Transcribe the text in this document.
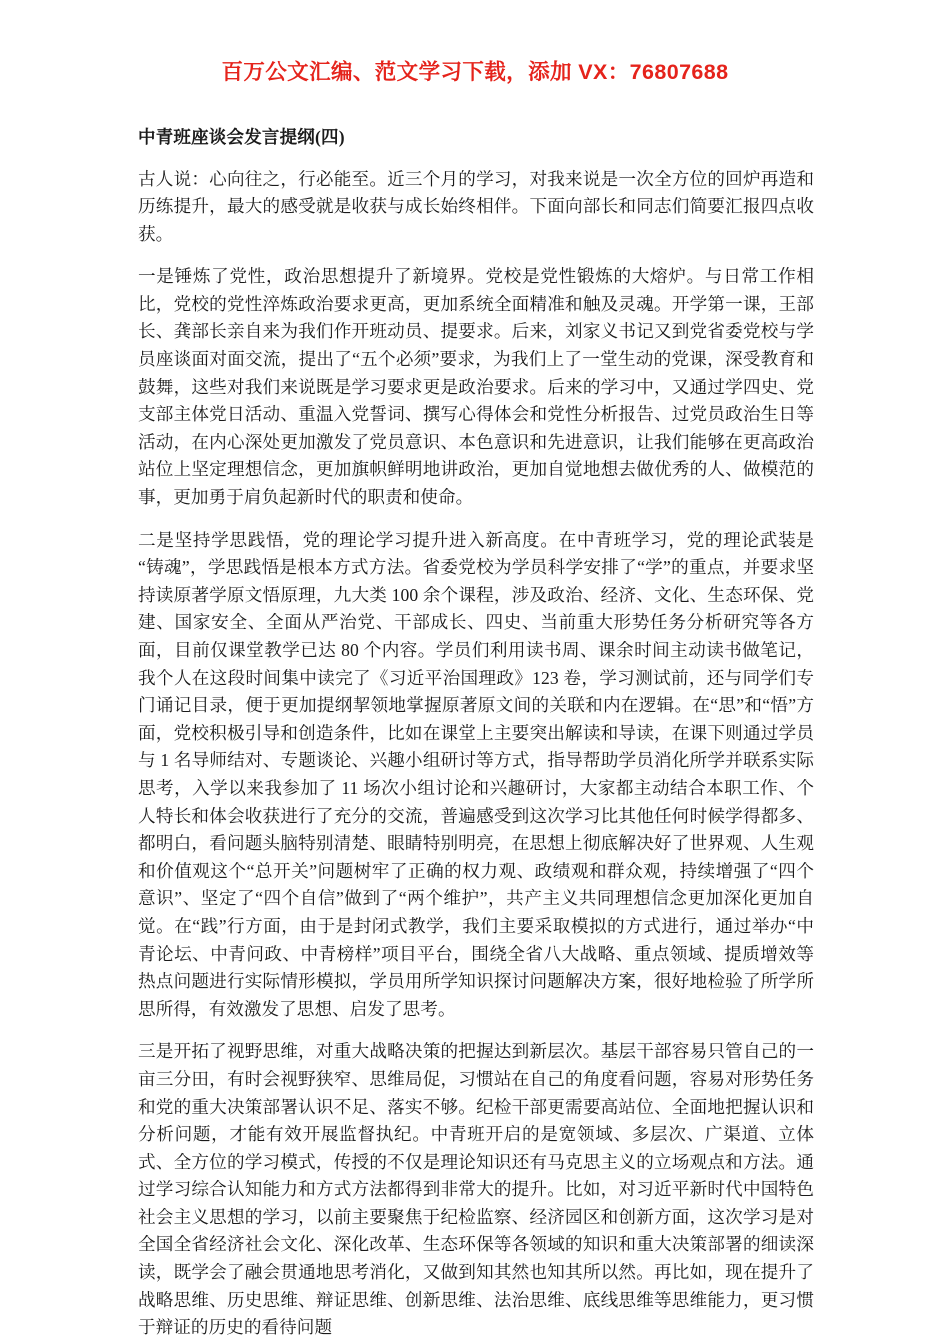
百万公文汇编、范文学习下载，添加 VX：76807688
中青班座谈会发言提纲(四)

古人说：心向往之，行必能至。近三个月的学习，对我来说是一次全方位的回炉再造和历练提升，最大的感受就是收获与成长始终相伴。下面向部长和同志们简要汇报四点收获。

一是锤炼了党性，政治思想提升了新境界。党校是党性锻炼的大熔炉。与日常工作相比，党校的党性淬炼政治要求更高，更加系统全面精准和触及灵魂。开学第一课，王部长、龚部长亲自来为我们作开班动员、提要求。后来，刘家义书记又到党省委党校与学员座谈面对面交流，提出了“五个必须”要求，为我们上了一堂生动的党课，深受教育和鼓舞，这些对我们来说既是学习要求更是政治要求。后来的学习中，又通过学四史、党支部主体党日活动、重温入党誓词、撰写心得体会和党性分析报告、过党员政治生日等活动，在内心深处更加激发了党员意识、本色意识和先进意识，让我们能够在更高政治站位上坚定理想信念，更加旗帜鲜明地讲政治，更加自觉地想去做优秀的人、做模范的事，更加勇于肩负起新时代的职责和使命。

二是坚持学思践悟，党的理论学习提升进入新高度。在中青班学习，党的理论武装是“铸魂”，学思践悟是根本方式方法。省委党校为学员科学安排了“学”的重点，并要求坚持读原著学原文悟原理，九大类 100 余个课程，涉及政治、经济、文化、生态环保、党建、国家安全、全面从严治党、干部成长、四史、当前重大形势任务分析研究等各方面，目前仅课堂教学已达 80 个内容。学员们利用读书周、课余时间主动读书做笔记，我个人在这段时间集中读完了《习近平治国理政》123 卷，学习测试前，还与同学们专门诵记目录，便于更加提纲挈领地掌握原著原文间的关联和内在逻辑。在“思”和“悟”方面，党校积极引导和创造条件，比如在课堂上主要突出解读和导读，在课下则通过学员与 1 名导师结对、专题谈论、兴趣小组研讨等方式，指导帮助学员消化所学并联系实际思考，入学以来我参加了 11 场次小组讨论和兴趣研讨，大家都主动结合本职工作、个人特长和体会收获进行了充分的交流，普遍感受到这次学习比其他任何时候学得都多、都明白，看问题头脑特别清楚、眼睛特别明亮，在思想上彻底解决好了世界观、人生观和价值观这个“总开关”问题树牢了正确的权力观、政绩观和群众观，持续增强了“四个意识”、坚定了“四个自信”做到了“两个维护”，共产主义共同理想信念更加深化更加自觉。在“践”行方面，由于是封闭式教学，我们主要采取模拟的方式进行，通过举办“中青论坛、中青问政、中青榜样”项目平台，围绕全省八大战略、重点领域、提质增效等热点问题进行实际情形模拟，学员用所学知识探讨问题解决方案，很好地检验了所学所思所得，有效激发了思想、启发了思考。

三是开拓了视野思维，对重大战略决策的把握达到新层次。基层干部容易只管自己的一亩三分田，有时会视野狭窄、思维局促，习惯站在自己的角度看问题，容易对形势任务和党的重大决策部署认识不足、落实不够。纪检干部更需要高站位、全面地把握认识和分析问题，才能有效开展监督执纪。中青班开启的是宽领域、多层次、广渠道、立体式、全方位的学习模式，传授的不仅是理论知识还有马克思主义的立场观点和方法。通过学习综合认知能力和方式方法都得到非常大的提升。比如，对习近平新时代中国特色社会主义思想的学习，以前主要聚焦于纪检监察、经济园区和创新方面，这次学习是对全国全省经济社会文化、深化改革、生态环保等各领域的知识和重大决策部署的细读深读，既学会了融会贯通地思考消化，又做到知其然也知其所以然。再比如，现在提升了战略思维、历史思维、辩证思维、创新思维、法治思维、底线思维等思维能力，更习惯于辩证的历史的看待问题
